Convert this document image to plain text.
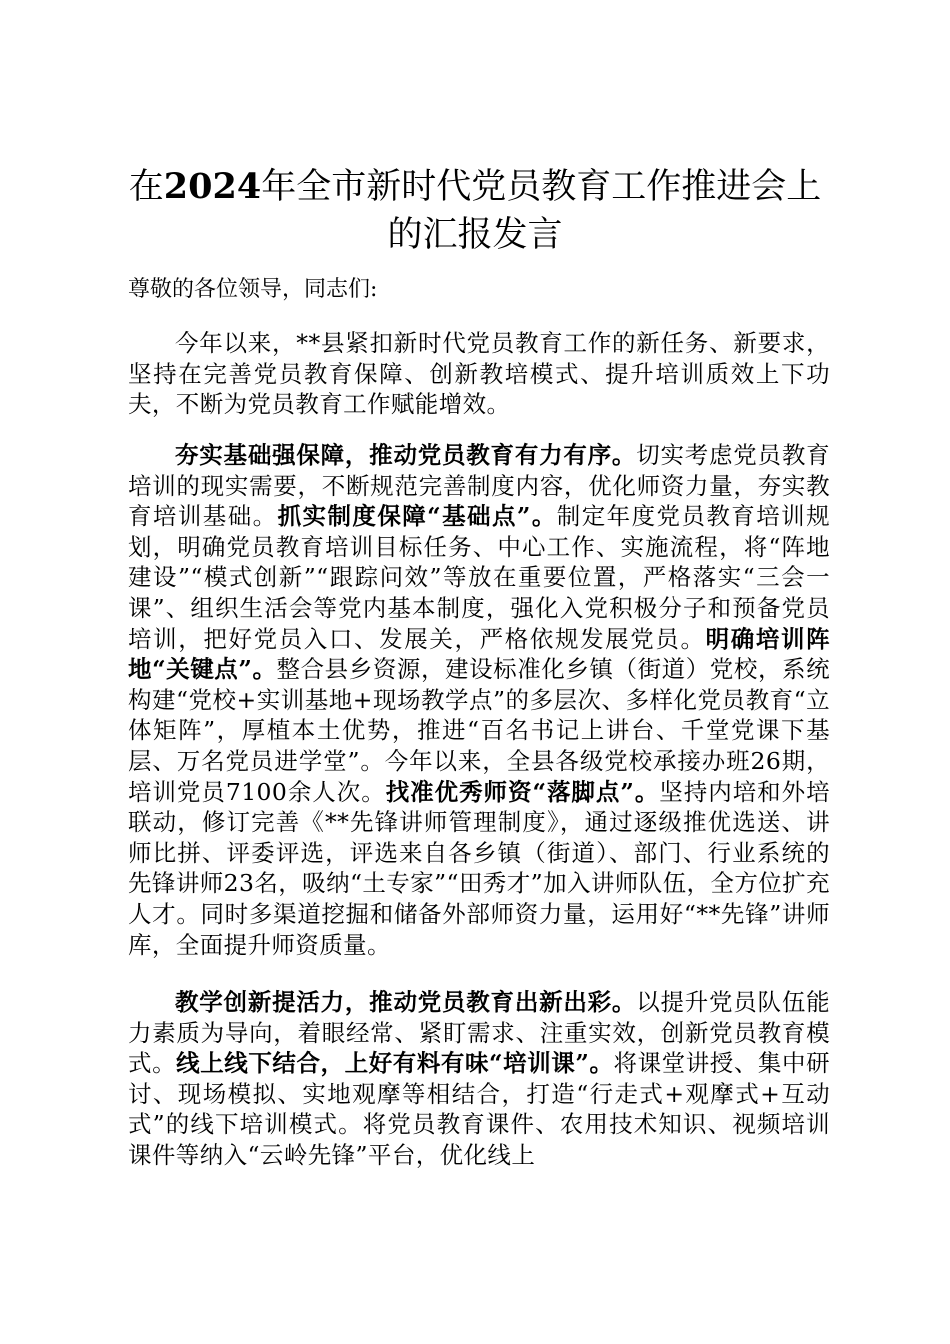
在2024年全市新时代党员教育工作推进会上
的汇报发言

尊敬的各位领导，同志们:

今年以来，**县紧扣新时代党员教育工作的新任务、新要求，坚持在完善党员教育保障、创新教培模式、提升培训质效上下功夫，不断为党员教育工作赋能增效。

夯实基础强保障，推动党员教育有力有序。切实考虑党员教育培训的现实需要，不断规范完善制度内容，优化师资力量，夯实教育培训基础。抓实制度保障“基础点”。制定年度党员教育培训规划，明确党员教育培训目标任务、中心工作、实施流程，将“阵地建设”“模式创新”“跟踪问效”等放在重要位置，严格落实“三会一课”、组织生活会等党内基本制度，强化入党积极分子和预备党员培训，把好党员入口、发展关，严格依规发展党员。明确培训阵地“关键点”。整合县乡资源，建设标准化乡镇（街道）党校，系统构建“党校+实训基地+现场教学点”的多层次、多样化党员教育“立体矩阵”，厚植本土优势，推进“百名书记上讲台、千堂党课下基层、万名党员进学堂”。今年以来，全县各级党校承接办班26期，培训党员7100余人次。找准优秀师资“落脚点”。坚持内培和外培联动，修订完善《**先锋讲师管理制度》，通过逐级推优选送、讲师比拼、评委评选，评选来自各乡镇（街道）、部门、行业系统的先锋讲师23名，吸纳“土专家”“田秀才”加入讲师队伍，全方位扩充人才。同时多渠道挖掘和储备外部师资力量，运用好“**先锋”讲师库，全面提升师资质量。

教学创新提活力，推动党员教育出新出彩。以提升党员队伍能力素质为导向，着眼经常、紧盯需求、注重实效，创新党员教育模式。线上线下结合，上好有料有味“培训课”。将课堂讲授、集中研讨、现场模拟、实地观摩等相结合，打造“行走式+观摩式+互动式”的线下培训模式。将党员教育课件、农用技术知识、视频培训课件等纳入“云岭先锋”平台，优化线上
